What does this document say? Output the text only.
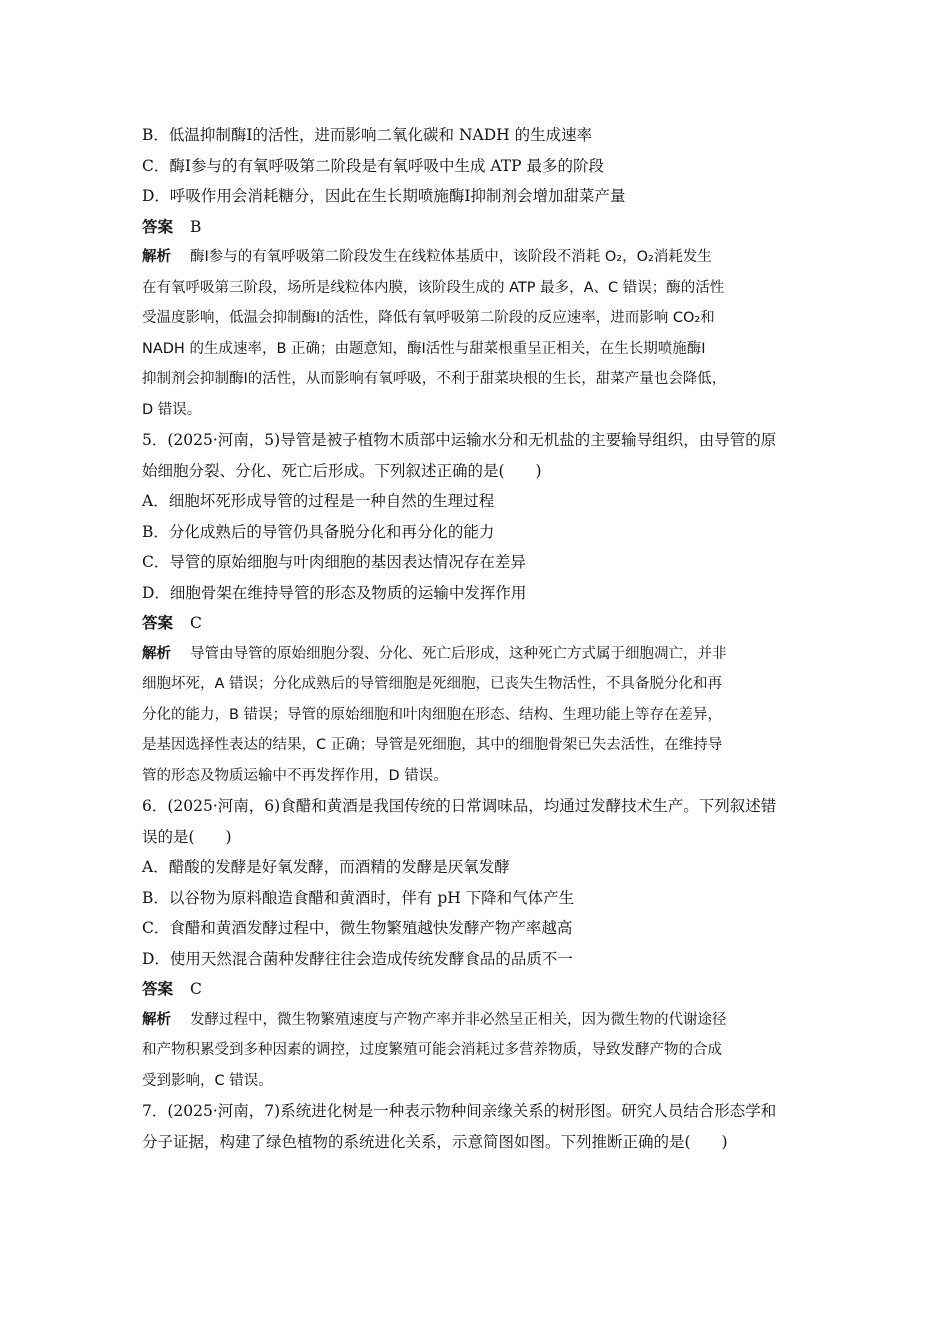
B．低温抑制酶Ⅰ的活性，进而影响二氧化碳和 NADH 的生成速率
C．酶Ⅰ参与的有氧呼吸第二阶段是有氧呼吸中生成 ATP 最多的阶段
D．呼吸作用会消耗糖分，因此在生长期喷施酶Ⅰ抑制剂会增加甜菜产量
答案 B
解析 酶Ⅰ参与的有氧呼吸第二阶段发生在线粒体基质中，该阶段不消耗 O₂，O₂消耗发生
在有氧呼吸第三阶段，场所是线粒体内膜，该阶段生成的 ATP 最多，A、C 错误；酶的活性
受温度影响，低温会抑制酶Ⅰ的活性，降低有氧呼吸第二阶段的反应速率，进而影响 CO₂和
NADH 的生成速率，B 正确；由题意知，酶Ⅰ活性与甜菜根重呈正相关，在生长期喷施酶Ⅰ
抑制剂会抑制酶Ⅰ的活性，从而影响有氧呼吸，不利于甜菜块根的生长，甜菜产量也会降低，
D 错误。
5．(2025·河南，5)导管是被子植物木质部中运输水分和无机盐的主要输导组织，由导管的原
始细胞分裂、分化、死亡后形成。下列叙述正确的是(　　)
A．细胞坏死形成导管的过程是一种自然的生理过程
B．分化成熟后的导管仍具备脱分化和再分化的能力
C．导管的原始细胞与叶肉细胞的基因表达情况存在差异
D．细胞骨架在维持导管的形态及物质的运输中发挥作用
答案 C
解析 导管由导管的原始细胞分裂、分化、死亡后形成，这种死亡方式属于细胞凋亡，并非
细胞坏死，A 错误；分化成熟后的导管细胞是死细胞，已丧失生物活性，不具备脱分化和再
分化的能力，B 错误；导管的原始细胞和叶肉细胞在形态、结构、生理功能上等存在差异，
是基因选择性表达的结果，C 正确；导管是死细胞，其中的细胞骨架已失去活性，在维持导
管的形态及物质运输中不再发挥作用，D 错误。
6．(2025·河南，6)食醋和黄酒是我国传统的日常调味品，均通过发酵技术生产。下列叙述错
误的是(　　)
A．醋酸的发酵是好氧发酵，而酒精的发酵是厌氧发酵
B．以谷物为原料酿造食醋和黄酒时，伴有 pH 下降和气体产生
C．食醋和黄酒发酵过程中，微生物繁殖越快发酵产物产率越高
D．使用天然混合菌种发酵往往会造成传统发酵食品的品质不一
答案 C
解析 发酵过程中，微生物繁殖速度与产物产率并非必然呈正相关，因为微生物的代谢途径
和产物积累受到多种因素的调控，过度繁殖可能会消耗过多营养物质，导致发酵产物的合成
受到影响，C 错误。
7．(2025·河南，7)系统进化树是一种表示物种间亲缘关系的树形图。研究人员结合形态学和
分子证据，构建了绿色植物的系统进化关系，示意简图如图。下列推断正确的是(　　)
